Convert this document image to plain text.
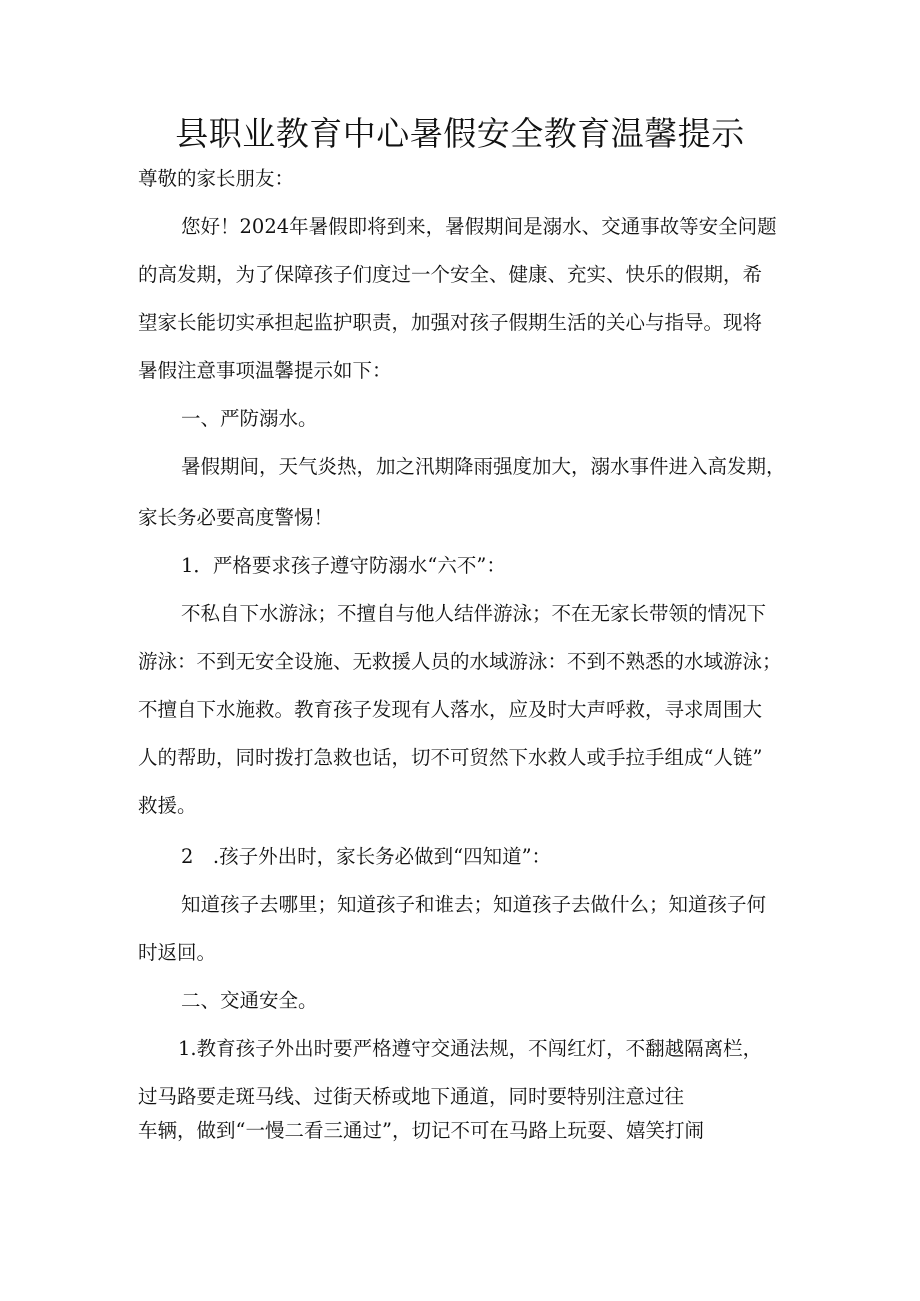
县职业教育中心暑假安全教育温馨提示
尊敬的家长朋友：
您好！2024年暑假即将到来，暑假期间是溺水、交通事故等安全问题
的高发期，为了保障孩子们度过一个安全、健康、充实、快乐的假期，希
望家长能切实承担起监护职责，加强对孩子假期生活的关心与指导。现将
暑假注意事项温馨提示如下：
一、严防溺水。
暑假期间，天气炎热，加之汛期降雨强度加大，溺水事件进入高发期，
家长务必要高度警惕！
1．严格要求孩子遵守防溺水“六不”：
不私自下水游泳；不擅自与他人结伴游泳；不在无家长带领的情况下
游泳：不到无安全设施、无救援人员的水域游泳：不到不熟悉的水域游泳；
不擅自下水施救。教育孩子发现有人落水，应及时大声呼救，寻求周围大
人的帮助，同时拨打急救也话，切不可贸然下水救人或手拉手组成“人链”
救援。
2　.孩子外出时，家长务必做到“四知道”：
知道孩子去哪里；知道孩子和谁去；知道孩子去做什么；知道孩子何
时返回。
二、交通安全。
1.教育孩子外出时要严格遵守交通法规，不闯红灯，不翻越隔离栏，
过马路要走斑马线、过街天桥或地下通道，同时要特别注意过往
车辆，做到“一慢二看三通过”，切记不可在马路上玩耍、嬉笑打闹
